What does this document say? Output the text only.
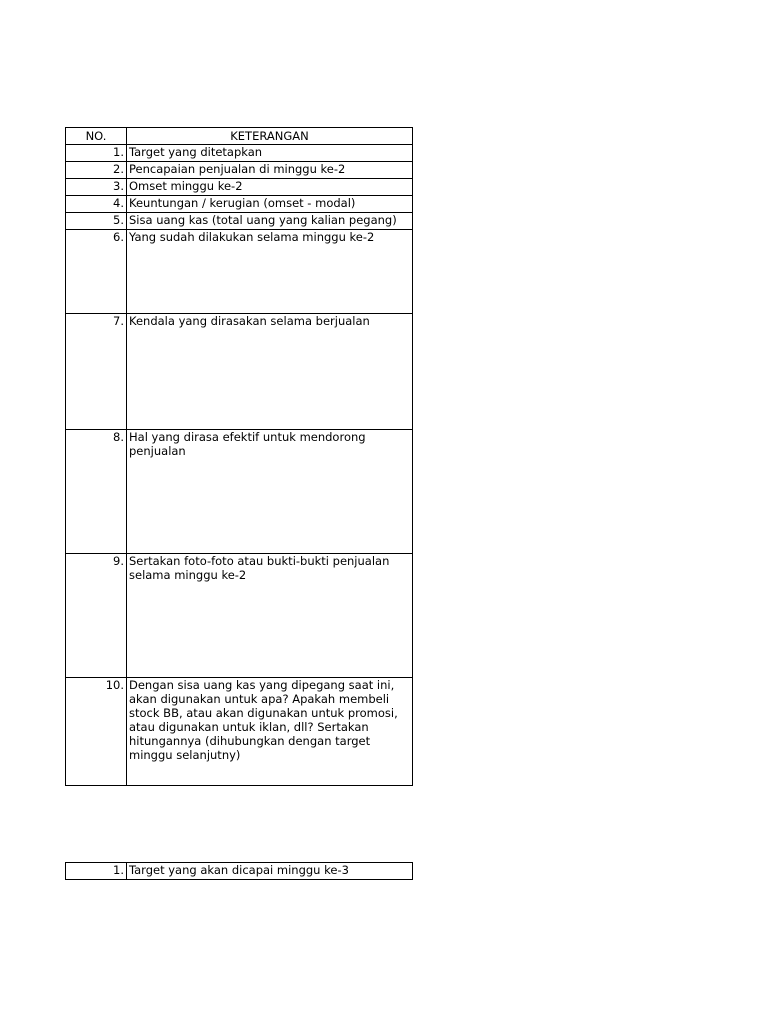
NO.	KETERANGAN
1.	Target yang ditetapkan
2.	Pencapaian penjualan di minggu ke-2
3.	Omset minggu ke-2
4.	Keuntungan / kerugian (omset - modal)
5.	Sisa uang kas (total uang yang kalian pegang)
6.	Yang sudah dilakukan selama minggu ke-2
7.	Kendala yang dirasakan selama berjualan
8.	Hal yang dirasa efektif untuk mendorong penjualan
9.	Sertakan foto-foto atau bukti-bukti penjualan selama minggu ke-2
10.	Dengan sisa uang kas yang dipegang saat ini, akan digunakan untuk apa? Apakah membeli stock BB, atau akan digunakan untuk promosi, atau digunakan untuk iklan, dll? Sertakan hitungannya (dihubungkan dengan target minggu selanjutny)
1.	Target yang akan dicapai minggu ke-3
